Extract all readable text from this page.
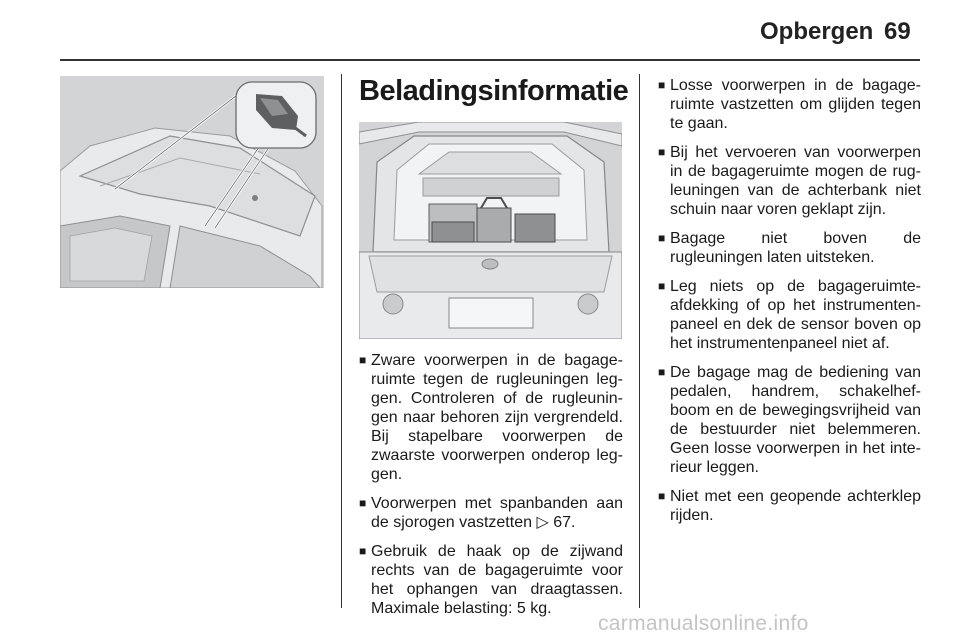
Opbergen 69
Beladingsinformatie
■ Zware voorwerpen in de bagage-ruimte tegen de rugleuningen leg-gen. Controleren of de rugleunin-gen naar behoren zijn vergrendeld. Bij stapelbare voorwerpen de zwaarste voorwerpen onderop leg-gen.
■ Voorwerpen met spanbanden aan de sjorogen vastzetten ▷ 67.
■ Gebruik de haak op de zijwand rechts van de bagageruimte voor het ophangen van draagtassen. Maximale belasting: 5 kg.
■ Losse voorwerpen in de bagage-ruimte vastzetten om glijden tegen te gaan.
■ Bij het vervoeren van voorwerpen in de bagageruimte mogen de rug-leuningen van de achterbank niet schuin naar voren geklapt zijn.
■ Bagage niet boven de rugleuningen laten uitsteken.
■ Leg niets op de bagageruimte-afdekking of op het instrumenten-paneel en dek de sensor boven op het instrumentenpaneel niet af.
■ De bagage mag de bediening van pedalen, handrem, schakelhef-boom en de bewegingsvrijheid van de bestuurder niet belemmeren. Geen losse voorwerpen in het inte-rieur leggen.
■ Niet met een geopende achterklep rijden.
carmanualsonline.info
